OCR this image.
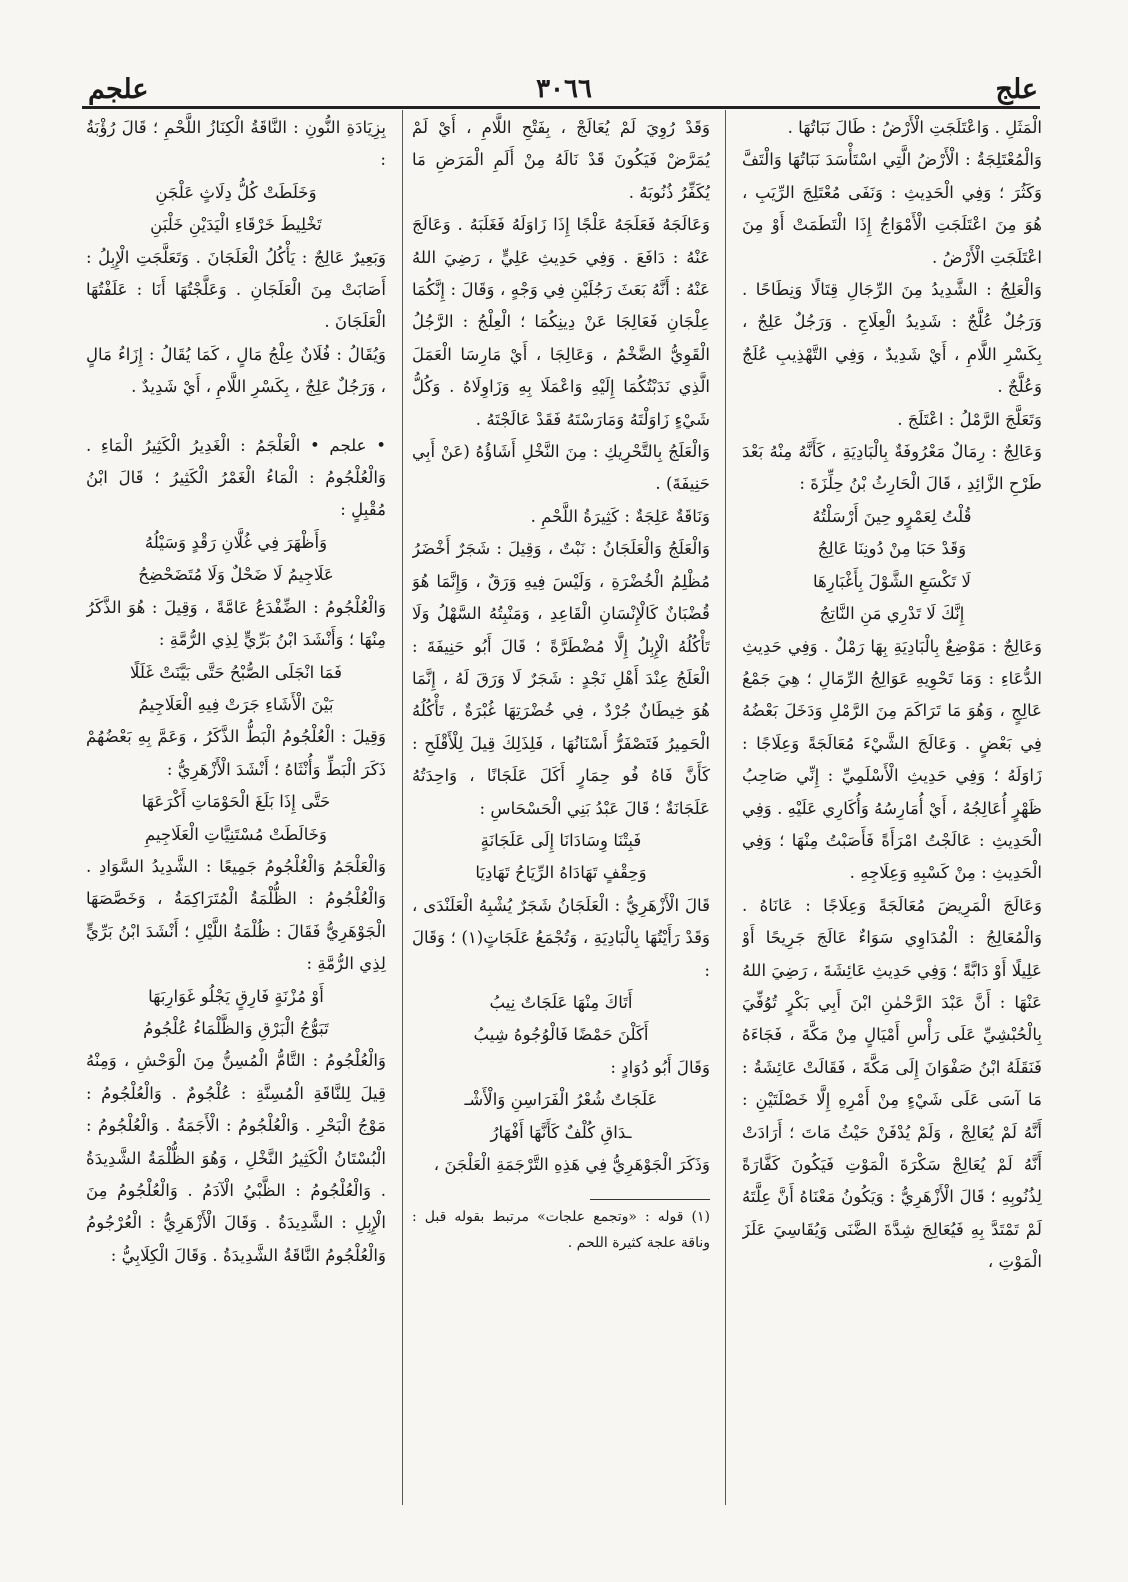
علج
٣٠٦٦
علجم

الْمَثَلِ . وَاعْتَلَجَتِ الْأَرْضُ : طَالَ نَبَاتُهَا .

وَالْمُعْتَلِجَةُ : الْأَرْضُ الَّتِي اسْتَأْسَدَ نَبَاتُهَا وَالْتَفَّ وَكَثُرَ ؛ وَفِي الْحَدِيثِ : وَنَفَى مُعْتَلِجَ الرِّيَبِ ، هُوَ مِنَ اعْتَلَجَتِ الْأَمْوَاجُ إِذَا الْتَطَمَتْ أَوْ مِنَ اعْتَلَجَتِ الْأَرْضُ .

وَالْعَلِجُ : الشَّدِيدُ مِنَ الرِّجَالِ قِتَالًا وَنِطَاحًا . وَرَجُلٌ عُلَّجٌ : شَدِيدُ الْعِلَاجِ . وَرَجُلٌ عَلِجٌ ، بِكَسْرِ اللَّامِ ، أَيْ شَدِيدٌ ، وَفِي التَّهْذِيبِ عُلَجٌ وَعُلَّجٌ .

وَتَعَلَّجَ الرَّمْلُ : اعْتَلَجَ .

وَعَالِجٌ : رِمَالٌ مَعْرُوفَةٌ بِالْبَادِيَةِ ، كَأَنَّهُ مِنْهُ بَعْدَ طَرْحِ الزَّائِدِ ، قَالَ الْحَارِثُ بْنُ حِلِّزَةَ :

قُلْتُ لِعَمْرٍو حِينَ أَرْسَلْتُهُ

وَقَدْ حَبَا مِنْ دُونِنَا عَالِجُ

لَا تَكْسَعِ الشَّوْلَ بِأَغْبَارِهَا

إِنَّكَ لَا تَدْرِي مَنِ النَّاتِجُ

وَعَالِجٌ : مَوْضِعٌ بِالْبَادِيَةِ بِهَا رَمْلٌ . وَفِي حَدِيثِ الدُّعَاءِ : وَمَا تَحْوِيهِ عَوَالِجُ الرِّمَالِ ؛ هِيَ جَمْعُ عَالِجٍ ، وَهُوَ مَا تَرَاكَمَ مِنَ الرَّمْلِ وَدَخَلَ بَعْضُهُ فِي بَعْضٍ . وَعَالَجَ الشَّيْءَ مُعَالَجَةً وَعِلَاجًا : زَاوَلَهُ ؛ وَفِي حَدِيثِ الْأَسْلَمِيِّ : إِنِّي صَاحِبُ ظَهْرٍ أُعَالِجُهُ ، أَيْ أُمَارِسُهُ وَأُكَارِي عَلَيْهِ . وَفِي الْحَدِيثِ : عَالَجْتُ امْرَأَةً فَأَصَبْتُ مِنْهَا ؛ وَفِي الْحَدِيثِ : مِنْ كَسْبِهِ وَعِلَاجِهِ .

وَعَالَجَ الْمَرِيضَ مُعَالَجَةً وَعِلَاجًا : عَانَاهُ . وَالْمُعَالِجُ : الْمُدَاوِي سَوَاءٌ عَالَجَ جَرِيحًا أَوْ عَلِيلًا أَوْ دَابَّةً ؛ وَفِي حَدِيثِ عَائِشَةَ ، رَضِيَ اللهُ عَنْهَا : أَنَّ عَبْدَ الرَّحْمٰنِ ابْنَ أَبِي بَكْرٍ تُوُفِّيَ بِالْحُبْشِيِّ عَلَى رَأْسِ أَمْيَالٍ مِنْ مَكَّةَ ، فَجَاءَهُ فَنَقَلَهُ ابْنُ صَفْوَانَ إِلَى مَكَّةَ ، فَقَالَتْ عَائِشَةُ : مَا آسَى عَلَى شَيْءٍ مِنْ أَمْرِهِ إِلَّا خَصْلَتَيْنِ : أَنَّهُ لَمْ يُعَالِجْ ، وَلَمْ يُدْفَنْ حَيْثُ مَاتَ ؛ أَرَادَتْ أَنَّهُ لَمْ يُعَالِجْ سَكْرَةَ الْمَوْتِ فَيَكُونَ كَفَّارَةً لِذُنُوبِهِ ؛ قَالَ الْأَزْهَرِيُّ : وَيَكُونُ مَعْنَاهُ أَنَّ عِلَّتَهُ لَمْ تَمْتَدَّ بِهِ فَيُعَالِجَ شِدَّةَ الضَّنَى وَيُقَاسِيَ عَلَزَ الْمَوْتِ ،

وَقَدْ رُوِيَ لَمْ يُعَالَجْ ، بِفَتْحِ اللَّامِ ، أَيْ لَمْ يُمَرَّضْ فَيَكُونَ قَدْ نَالَهُ مِنْ أَلَمِ الْمَرَضِ مَا يُكَفِّرُ ذُنُوبَهُ .

وَعَالَجَهُ فَعَلَجَهُ عَلْجًا إِذَا زَاوَلَهُ فَغَلَبَهُ . وَعَالَجَ عَنْهُ : دَافَعَ . وَفِي حَدِيثِ عَلِيٍّ ، رَضِيَ اللهُ عَنْهُ : أَنَّهُ بَعَثَ رَجُلَيْنِ فِي وَجْهٍ ، وَقَالَ : إِنَّكُمَا عِلْجَانِ فَعَالِجَا عَنْ دِينِكُمَا ؛ الْعِلْجُ : الرَّجُلُ الْقَوِيُّ الضَّخْمُ ، وَعَالِجَا ، أَيْ مَارِسَا الْعَمَلَ الَّذِي نَدَبْتُكُمَا إِلَيْهِ وَاعْمَلَا بِهِ وَزَاوِلَاهُ . وَكُلُّ شَيْءٍ زَاوَلْتَهُ وَمَارَسْتَهُ فَقَدْ عَالَجْتَهُ .

وَالْعَلَجُ بِالتَّحْرِيكِ : مِنَ النَّخْلِ أَشَاؤُهُ (عَنْ أَبِي حَنِيفَةَ) .

وَنَاقَةٌ عَلِجَةٌ : كَثِيرَةُ اللَّحْمِ .

وَالْعَلَجُ وَالْعَلَجَانُ : نَبْتٌ ، وَقِيلَ : شَجَرٌ أَخْضَرُ مُظْلِمُ الْخُضْرَةِ ، وَلَيْسَ فِيهِ وَرَقٌ ، وَإِنَّمَا هُوَ قُضْبَانٌ كَالْإِنْسَانِ الْقَاعِدِ ، وَمَنْبِتُهُ السَّهْلُ وَلَا تَأْكُلُهُ الْإِبِلُ إِلَّا مُضْطَرَّةً ؛ قَالَ أَبُو حَنِيفَةَ : الْعَلَجُ عِنْدَ أَهْلِ نَجْدٍ : شَجَرٌ لَا وَرَقَ لَهُ ، إِنَّمَا هُوَ خِيطَانٌ جُرْدٌ ، فِي خُضْرَتِهَا غُبْرَةٌ ، تَأْكُلُهُ الْحَمِيرُ فَتَصْفَرُّ أَسْنَانُهَا ، فَلِذَلِكَ قِيلَ لِلْأَقْلَحِ : كَأَنَّ فَاهُ فُو حِمَارٍ أَكَلَ عَلَجَانًا ، وَاحِدَتُهُ عَلَجَانَةٌ ؛ قَالَ عَبْدُ بَنِي الْحَسْحَاسِ :

فَبِتْنَا وِسَادَانَا إِلَى عَلَجَانَةٍ

وَحِقْفٍ تَهَادَاهُ الرِّيَاحُ تَهَادِيَا

قَالَ الْأَزْهَرِيُّ : الْعَلَجَانُ شَجَرٌ يُشْبِهُ الْعَلَنْدَى ، وَقَدْ رَأَيْتُهَا بِالْبَادِيَةِ ، وَتُجْمَعُ عَلَجَاتٍ(١) ؛ وَقَالَ :

أَتَاكَ مِنْهَا عَلَجَاتٌ نِيبُ

أَكَلْنَ حَمْضًا فَالْوُجُوهُ شِيبُ

وَقَالَ أَبُو دُوَادٍ :

عَلَجَاتٌ شُعْرُ الْفَرَاسِنِ وَالْأَشْـ

ـدَاقِ كُلْفٌ كَأَنَّهَا أَفْهَارُ

وَذَكَرَ الْجَوْهَرِيُّ فِي هَذِهِ التَّرْجَمَةِ الْعَلْجَنَ ،

(١) قوله : «وتجمع علجات» مرتبط بقوله قبل : وناقة علجة كثيرة اللحم .

بِزِيَادَةِ النُّونِ : النَّاقَةُ الْكِنَازُ اللَّحْمِ ؛ قَالَ رُؤْبَةُ :

وَخَلَطَتْ كُلُّ دِلَاثٍ عَلْجَنِ

تَخْلِيطَ خَرْقَاءِ الْيَدَيْنِ خَلْبَنِ

وَبَعِيرٌ عَالِجٌ : يَأْكُلُ الْعَلَجَانَ . وَتَعَلَّجَتِ الْإِبِلُ : أَصَابَتْ مِنَ الْعَلَجَانِ . وَعَلَّجْتُهَا أَنَا : عَلَفْتُهَا الْعَلَجَانَ .

وَيُقَالُ : فُلَانٌ عِلْجُ مَالٍ ، كَمَا يُقَالُ : إِزَاءُ مَالٍ ، وَرَجُلٌ عَلِجٌ ، بِكَسْرِ اللَّامِ ، أَيْ شَدِيدٌ .

• علجم • الْعَلْجَمُ : الْغَدِيرُ الْكَثِيرُ الْمَاءِ . وَالْعُلْجُومُ : الْمَاءُ الْغَمْرُ الْكَثِيرُ ؛ قَالَ ابْنُ مُقْبِلٍ :

وَأَظْهَرَ فِي غُلَّانِ رَقْدٍ وَسَيْلُهُ

عَلَاجِيمُ لَا ضَحْلٌ وَلَا مُتَضَحْضِحُ

وَالْعُلْجُومُ : الضِّفْدَعُ عَامَّةً ، وَقِيلَ : هُوَ الذَّكَرُ مِنْهَا ؛ وَأَنْشَدَ ابْنُ بَرِّيٍّ لِذِي الرُّمَّةِ :

فَمَا انْجَلَى الصُّبْحُ حَتَّى بَيَّنَتْ غَلَلًا

بَيْنَ الْأَشَاءِ جَرَتْ فِيهِ الْعَلَاجِيمُ

وَقِيلَ : الْعُلْجُومُ الْبَطُّ الذَّكَرُ ، وَعَمَّ بِهِ بَعْضُهُمْ ذَكَرَ الْبَطِّ وَأُنْثَاهُ ؛ أَنْشَدَ الْأَزْهَرِيُّ :

حَتَّى إِذَا بَلَغَ الْحَوْمَاتِ أَكْرَعَهَا

وَخَالَطَتْ مُسْتَنِيَّاتِ الْعَلَاجِيمِ

وَالْعَلْجَمُ وَالْعُلْجُومُ جَمِيعًا : الشَّدِيدُ السَّوَادِ . وَالْعُلْجُومُ : الظُّلْمَةُ الْمُتَرَاكِمَةُ ، وَخَصَّصَهَا الْجَوْهَرِيُّ فَقَالَ : ظُلْمَةُ اللَّيْلِ ؛ أَنْشَدَ ابْنُ بَرِّيٍّ لِذِي الرُّمَّةِ :

أَوْ مُزْنَةٍ فَارِقٍ يَجْلُو غَوَارِبَهَا

تَبَوُّجُ الْبَرْقِ وَالظَّلْمَاءُ عُلْجُومُ

وَالْعُلْجُومُ : التَّامُّ الْمُسِنُّ مِنَ الْوَحْشِ ، وَمِنْهُ قِيلَ لِلنَّاقَةِ الْمُسِنَّةِ : عُلْجُومٌ . وَالْعُلْجُومُ : مَوْجُ الْبَحْرِ . وَالْعُلْجُومُ : الْأَجَمَةُ . وَالْعُلْجُومُ : الْبُسْتَانُ الْكَثِيرُ النَّخْلِ ، وَهُوَ الظُّلْمَةُ الشَّدِيدَةُ . وَالْعُلْجُومُ : الظَّبْيُ الْآدَمُ . وَالْعُلْجُومُ مِنَ الْإِبِلِ : الشَّدِيدَةُ . وَقَالَ الْأَزْهَرِيُّ : الْعُرْجُومُ وَالْعُلْجُومُ النَّاقَةُ الشَّدِيدَةُ . وَقَالَ الْكِلَابِيُّ :
